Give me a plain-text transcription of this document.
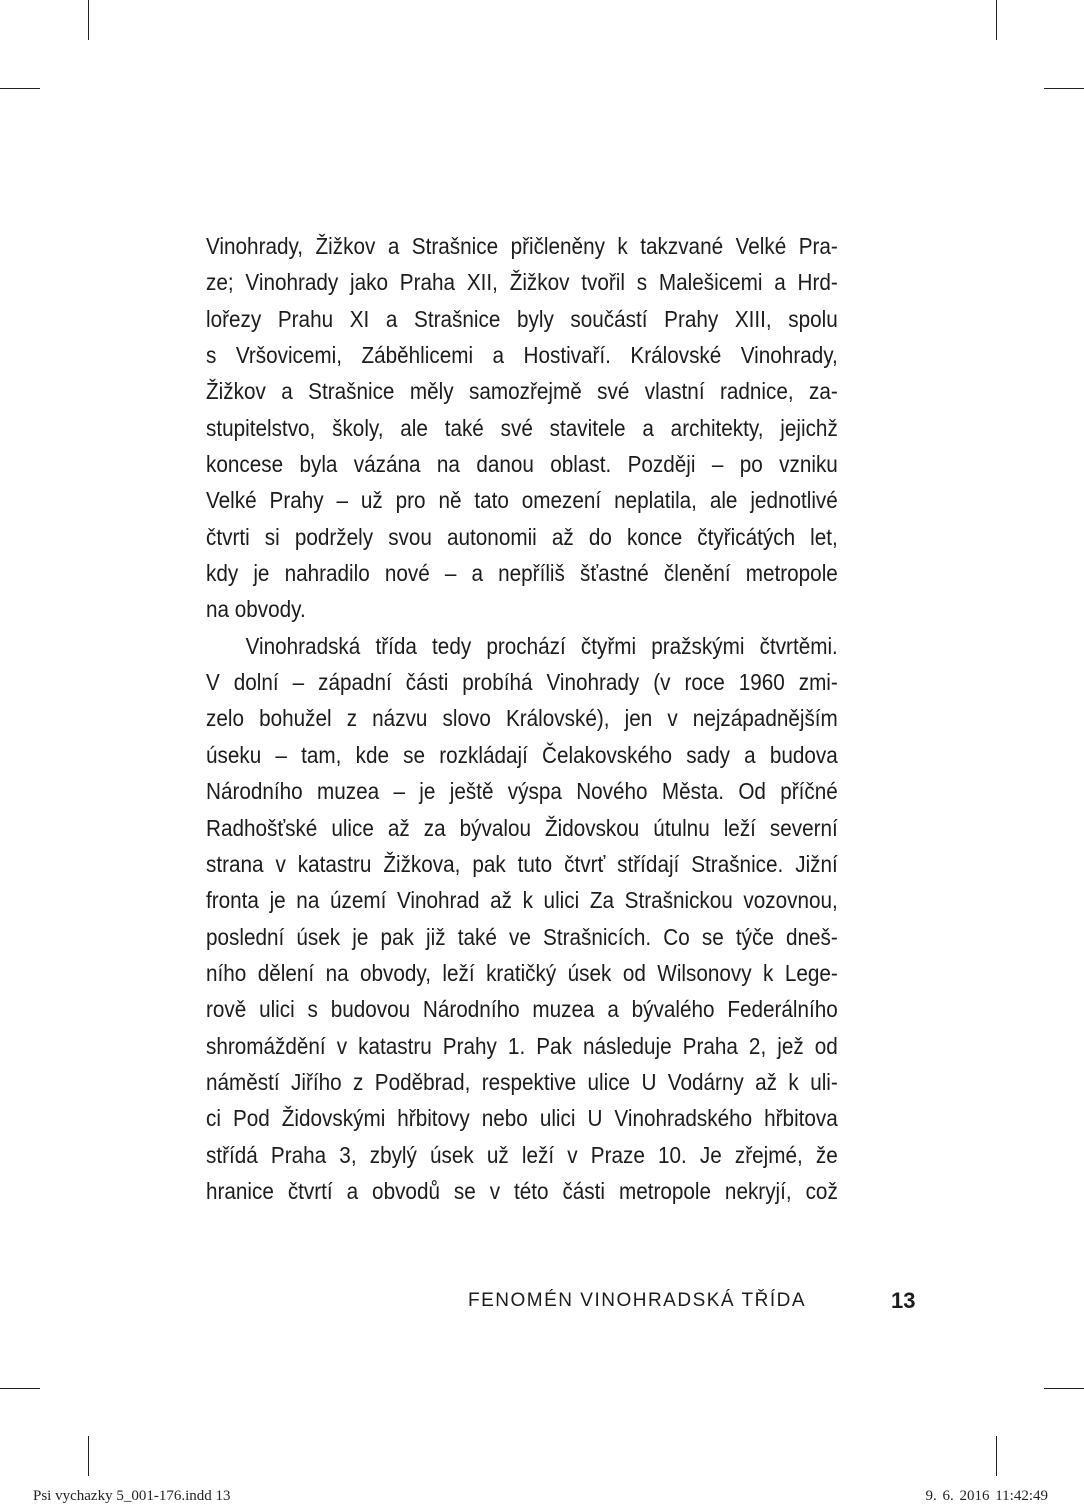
Vinohrady, Žižkov a Strašnice přičleněny k takzvané Velké Pra-
ze; Vinohrady jako Praha XII, Žižkov tvořil s Malešicemi a Hrd-
lořezy Prahu XI a Strašnice byly součástí Prahy XIII, spolu
s Vršovicemi, Záběhlicemi a Hostivaří. Královské Vinohrady,
Žižkov a Strašnice měly samozřejmě své vlastní radnice, za-
stupitelstvo, školy, ale také své stavitele a architekty, jejichž
koncese byla vázána na danou oblast. Později – po vzniku
Velké Prahy – už pro ně tato omezení neplatila, ale jednotlivé
čtvrti si podržely svou autonomii až do konce čtyřicátých let,
kdy je nahradilo nové – a nepříliš šťastné členění metropole
na obvody.
Vinohradská třída tedy prochází čtyřmi pražskými čtvrtěmi.
V dolní – západní části probíhá Vinohrady (v roce 1960 zmi-
zelo bohužel z názvu slovo Královské), jen v nejzápadnějším
úseku – tam, kde se rozkládají Čelakovského sady a budova
Národního muzea – je ještě výspa Nového Města. Od příčné
Radhošťské ulice až za bývalou Židovskou útulnu leží severní
strana v katastru Žižkova, pak tuto čtvrť střídají Strašnice. Jižní
fronta je na území Vinohrad až k ulici Za Strašnickou vozovnou,
poslední úsek je pak již také ve Strašnicích. Co se týče dneš-
ního dělení na obvody, leží kratičký úsek od Wilsonovy k Lege-
rově ulici s budovou Národního muzea a bývalého Federálního
shromáždění v katastru Prahy 1. Pak následuje Praha 2, jež od
náměstí Jiřího z Poděbrad, respektive ulice U Vodárny až k uli-
ci Pod Židovskými hřbitovy nebo ulici U Vinohradského hřbitova
střídá Praha 3, zbylý úsek už leží v Praze 10. Je zřejmé, že
hranice čtvrtí a obvodů se v této části metropole nekryjí, což
FENOMÉN VINOHRADSKÁ TŘÍDA	13
Psi vychazky 5_001-176.indd 13	9. 6. 2016 11:42:49
